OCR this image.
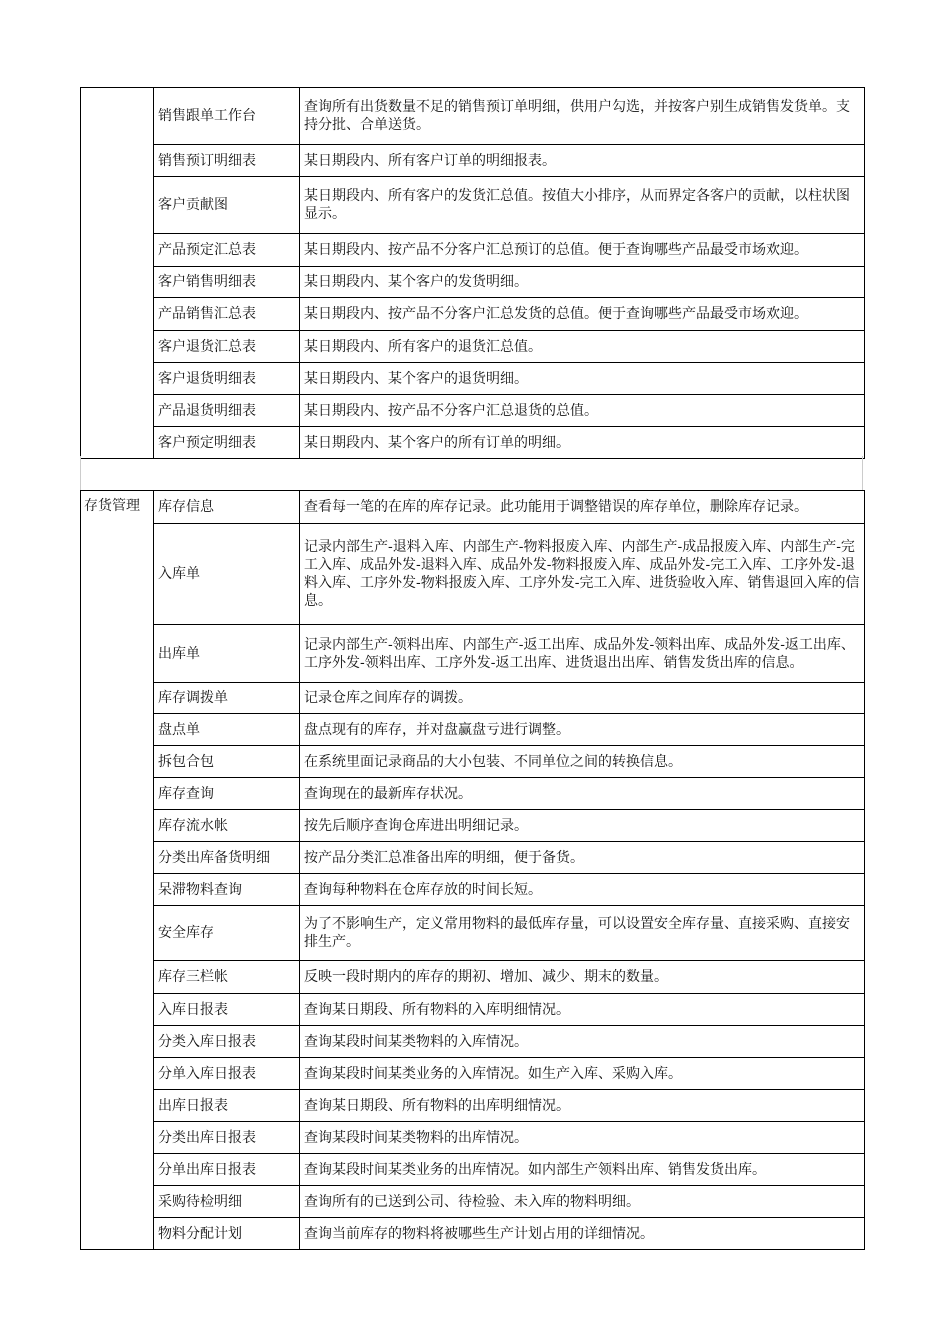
	销售跟单工作台	查询所有出货数量不足的销售预订单明细，供用户勾选，并按客户别生成销售发货单。支持分批、合单送货。
	销售预订明细表	某日期段内、所有客户订单的明细报表。
	客户贡献图	某日期段内、所有客户的发货汇总值。按值大小排序，从而界定各客户的贡献，以柱状图显示。
	产品预定汇总表	某日期段内、按产品不分客户汇总预订的总值。便于查询哪些产品最受市场欢迎。
	客户销售明细表	某日期段内、某个客户的发货明细。
	产品销售汇总表	某日期段内、按产品不分客户汇总发货的总值。便于查询哪些产品最受市场欢迎。
	客户退货汇总表	某日期段内、所有客户的退货汇总值。
	客户退货明细表	某日期段内、某个客户的退货明细。
	产品退货明细表	某日期段内、按产品不分客户汇总退货的总值。
	客户预定明细表	某日期段内、某个客户的所有订单的明细。
存货管理	库存信息	查看每一笔的在库的库存记录。此功能用于调整错误的库存单位，删除库存记录。
	入库单	记录内部生产-退料入库、内部生产-物料报废入库、内部生产-成品报废入库、内部生产-完工入库、成品外发-退料入库、成品外发-物料报废入库、成品外发-完工入库、工序外发-退料入库、工序外发-物料报废入库、工序外发-完工入库、进货验收入库、销售退回入库的信息。
	出库单	记录内部生产-领料出库、内部生产-返工出库、成品外发-领料出库、成品外发-返工出库、工序外发-领料出库、工序外发-返工出库、进货退出出库、销售发货出库的信息。
	库存调拨单	记录仓库之间库存的调拨。
	盘点单	盘点现有的库存，并对盘赢盘亏进行调整。
	拆包合包	在系统里面记录商品的大小包装、不同单位之间的转换信息。
	库存查询	查询现在的最新库存状况。
	库存流水帐	按先后顺序查询仓库进出明细记录。
	分类出库备货明细	按产品分类汇总准备出库的明细，便于备货。
	呆滞物料查询	查询每种物料在仓库存放的时间长短。
	安全库存	为了不影响生产，定义常用物料的最低库存量，可以设置安全库存量、直接采购、直接安排生产。
	库存三栏帐	反映一段时期内的库存的期初、增加、减少、期末的数量。
	入库日报表	查询某日期段、所有物料的入库明细情况。
	分类入库日报表	查询某段时间某类物料的入库情况。
	分单入库日报表	查询某段时间某类业务的入库情况。如生产入库、采购入库。
	出库日报表	查询某日期段、所有物料的出库明细情况。
	分类出库日报表	查询某段时间某类物料的出库情况。
	分单出库日报表	查询某段时间某类业务的出库情况。如内部生产领料出库、销售发货出库。
	采购待检明细	查询所有的已送到公司、待检验、未入库的物料明细。
	物料分配计划	查询当前库存的物料将被哪些生产计划占用的详细情况。
